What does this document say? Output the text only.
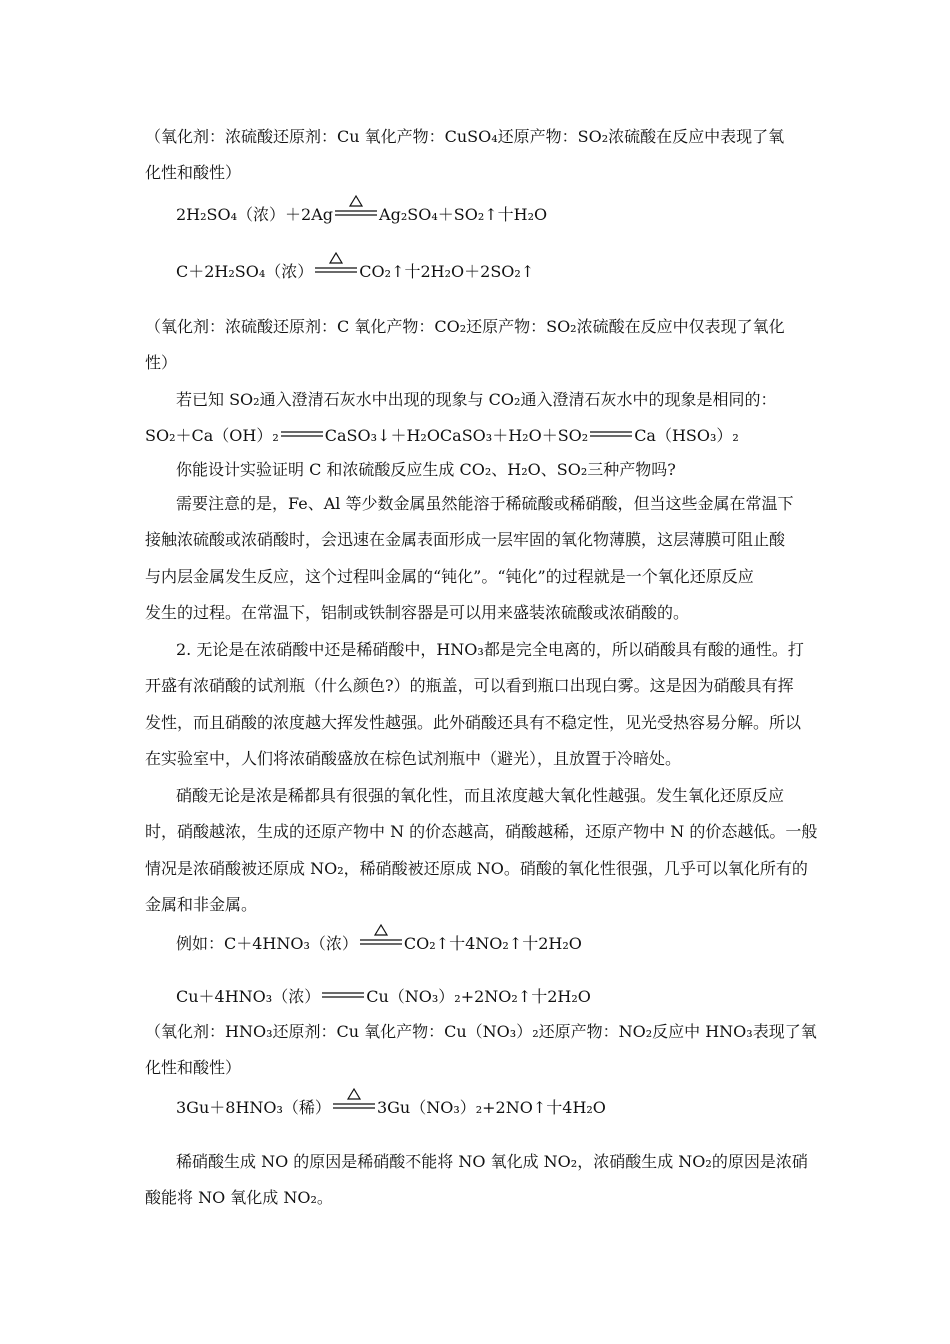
（氧化剂：浓硫酸还原剂：Cu 氧化产物：CuSO₄还原产物：SO₂浓硫酸在反应中表现了氧
化性和酸性）
2H₂SO₄（浓）＋2Ag	Ag₂SO₄＋SO₂↑十H₂O
C＋2H₂SO₄（浓）	CO₂↑十2H₂O＋2SO₂↑
（氧化剂：浓硫酸还原剂：C 氧化产物：CO₂还原产物：SO₂浓硫酸在反应中仅表现了氧化
性）
若已知 SO₂通入澄清石灰水中出现的现象与 CO₂通入澄清石灰水中的现象是相同的：
SO₂＋Ca（OH）₂	CaSO₃↓＋H₂OCaSO₃＋H₂O＋SO₂	Ca（HSO₃）₂
你能设计实验证明 C 和浓硫酸反应生成 CO₂、H₂O、SO₂三种产物吗?
需要注意的是，Fe、Al 等少数金属虽然能溶于稀硫酸或稀硝酸，但当这些金属在常温下
接触浓硫酸或浓硝酸时，会迅速在金属表面形成一层牢固的氧化物薄膜，这层薄膜可阻止酸
与内层金属发生反应，这个过程叫金属的“钝化”。“钝化”的过程就是一个氧化还原反应
发生的过程。在常温下，铝制或铁制容器是可以用来盛装浓硫酸或浓硝酸的。
2. 无论是在浓硝酸中还是稀硝酸中，HNO₃都是完全电离的，所以硝酸具有酸的通性。打
开盛有浓硝酸的试剂瓶（什么颜色?）的瓶盖，可以看到瓶口出现白雾。这是因为硝酸具有挥
发性，而且硝酸的浓度越大挥发性越强。此外硝酸还具有不稳定性，见光受热容易分解。所以
在实验室中，人们将浓硝酸盛放在棕色试剂瓶中（避光），且放置于冷暗处。
硝酸无论是浓是稀都具有很强的氧化性，而且浓度越大氧化性越强。发生氧化还原反应
时，硝酸越浓，生成的还原产物中 N 的价态越高，硝酸越稀，还原产物中 N 的价态越低。一般
情况是浓硝酸被还原成 NO₂，稀硝酸被还原成 NO。硝酸的氧化性很强，几乎可以氧化所有的
金属和非金属。
例如：C＋4HNO₃（浓）	CO₂↑十4NO₂↑十2H₂O
Cu＋4HNO₃（浓）	Cu（NO₃）₂+2NO₂↑十2H₂O
（氧化剂：HNO₃还原剂：Cu 氧化产物：Cu（NO₃）₂还原产物：NO₂反应中 HNO₃表现了氧
化性和酸性）
3Gu＋8HNO₃（稀）	3Gu（NO₃）₂+2NO↑十4H₂O
稀硝酸生成 NO 的原因是稀硝酸不能将 NO 氧化成 NO₂，浓硝酸生成 NO₂的原因是浓硝
酸能将 NO 氧化成 NO₂。
